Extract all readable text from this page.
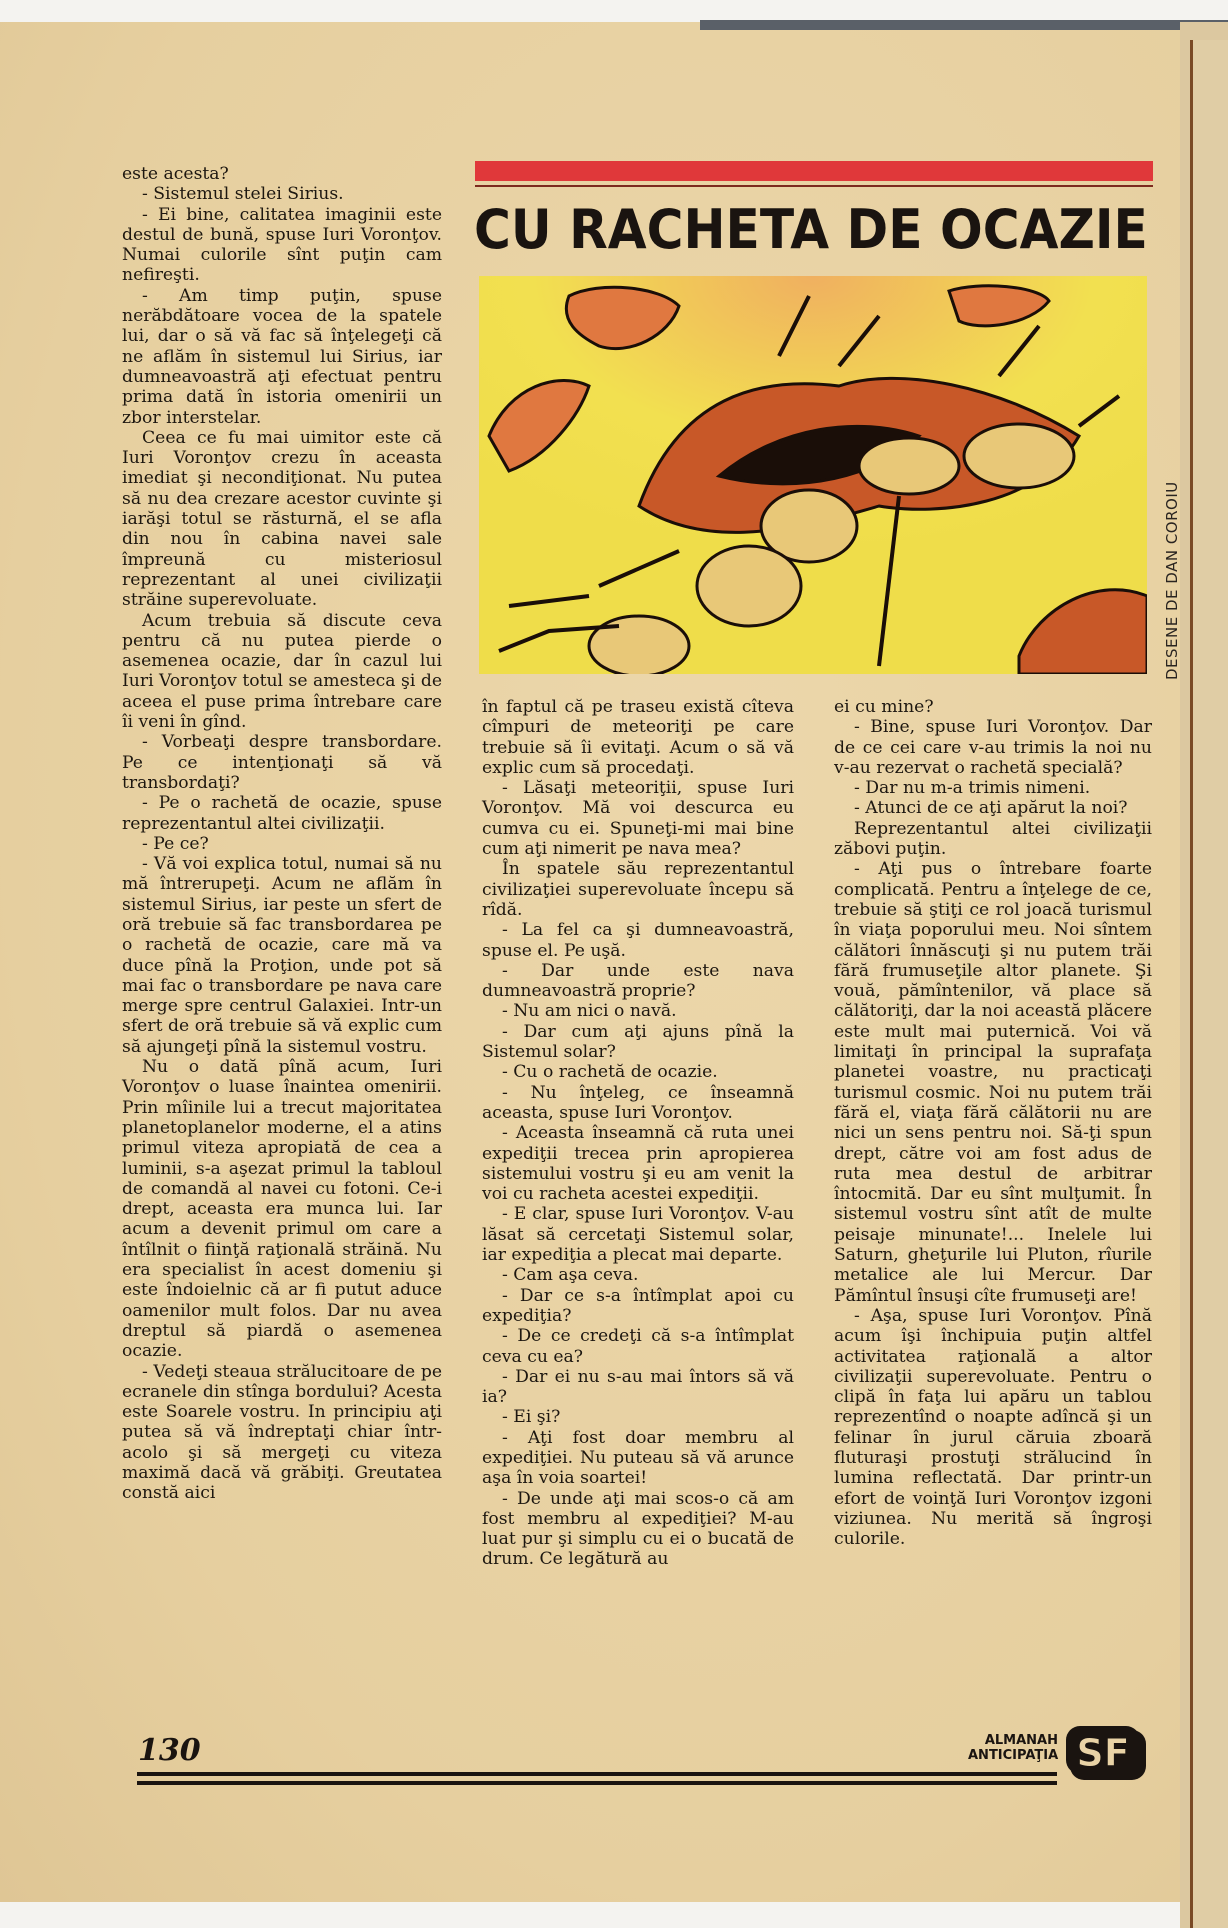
CU RACHETA DE OCAZIE
DESENE DE DAN COROIU

este acesta?

- Sistemul stelei Sirius.

- Ei bine, calitatea imaginii este destul de bună, spuse Iuri Voronţov. Numai culorile sînt puţin cam nefireşti.

- Am timp puţin, spuse nerăbdătoare vocea de la spatele lui, dar o să vă fac să înţelegeţi că ne aflăm în sistemul lui Sirius, iar dumneavoastră aţi efectuat pentru prima dată în istoria omenirii un zbor interstelar.

Ceea ce fu mai uimitor este că Iuri Voronţov crezu în aceasta imediat şi necondiţionat. Nu putea să nu dea crezare acestor cuvinte şi iarăşi totul se răsturnă, el se afla din nou în cabina navei sale împreună cu misteriosul reprezentant al unei civilizaţii străine superevoluate.

Acum trebuia să discute ceva pentru că nu putea pierde o asemenea ocazie, dar în cazul lui Iuri Voronţov totul se amesteca şi de aceea el puse prima întrebare care îi veni în gînd.

- Vorbeaţi despre transbordare. Pe ce intenţionaţi să vă transbordaţi?

- Pe o rachetă de ocazie, spuse reprezentantul altei civilizaţii.

- Pe ce?

- Vă voi explica totul, numai să nu mă întrerupeţi. Acum ne aflăm în sistemul Sirius, iar peste un sfert de oră trebuie să fac transbordarea pe o rachetă de ocazie, care mă va duce pînă la Proţion, unde pot să mai fac o transbordare pe nava care merge spre centrul Galaxiei. Intr-un sfert de oră trebuie să vă explic cum să ajungeţi pînă la sistemul vostru.

Nu o dată pînă acum, Iuri Voronţov o luase înaintea omenirii. Prin mîinile lui a trecut majoritatea planetoplanelor moderne, el a atins primul viteza apropiată de cea a luminii, s-a aşezat primul la tabloul de comandă al navei cu fotoni. Ce-i drept, aceasta era munca lui. Iar acum a devenit primul om care a întîlnit o fiinţă raţională străină. Nu era specialist în acest domeniu şi este îndoielnic că ar fi putut aduce oamenilor mult folos. Dar nu avea dreptul să piardă o asemenea ocazie.

- Vedeţi steaua strălucitoare de pe ecranele din stînga bordului? Acesta este Soarele vostru. In principiu aţi putea să vă îndreptaţi chiar într-acolo şi să mergeţi cu viteza maximă dacă vă grăbiţi. Greutatea constă aici

în faptul că pe traseu există cîteva cîmpuri de meteoriţi pe care trebuie să îi evitaţi. Acum o să vă explic cum să procedaţi.

- Lăsaţi meteoriţii, spuse Iuri Voronţov. Mă voi descurca eu cumva cu ei. Spuneţi-mi mai bine cum aţi nimerit pe nava mea?

În spatele său reprezentantul civilizaţiei superevoluate începu să rîdă.

- La fel ca şi dumneavoastră, spuse el. Pe uşă.

- Dar unde este nava dumneavoastră proprie?

- Nu am nici o navă.

- Dar cum aţi ajuns pînă la Sistemul solar?

- Cu o rachetă de ocazie.

- Nu înţeleg, ce înseamnă aceasta, spuse Iuri Voronţov.

- Aceasta înseamnă că ruta unei expediţii trecea prin apropierea sistemului vostru şi eu am venit la voi cu racheta acestei expediţii.

- E clar, spuse Iuri Voronţov. V-au lăsat să cercetaţi Sistemul solar, iar expediţia a plecat mai departe.

- Cam aşa ceva.

- Dar ce s-a întîmplat apoi cu expediţia?

- De ce credeţi că s-a întîmplat ceva cu ea?

- Dar ei nu s-au mai întors să vă ia?

- Ei şi?

- Aţi fost doar membru al expediţiei. Nu puteau să vă arunce aşa în voia soartei!

- De unde aţi mai scos-o că am fost membru al expediţiei? M-au luat pur şi simplu cu ei o bucată de drum. Ce legătură au

ei cu mine?

- Bine, spuse Iuri Voronţov. Dar de ce cei care v-au trimis la noi nu v-au rezervat o rachetă specială?

- Dar nu m-a trimis nimeni.

- Atunci de ce aţi apărut la noi?

Reprezentantul altei civilizaţii zăbovi puţin.

- Aţi pus o întrebare foarte complicată. Pentru a înţelege de ce, trebuie să ştiţi ce rol joacă turismul în viaţa poporului meu. Noi sîntem călători înnăscuţi şi nu putem trăi fără frumuseţile altor planete. Şi vouă, pămîntenilor, vă place să călătoriţi, dar la noi această plăcere este mult mai puternică. Voi vă limitaţi în principal la suprafaţa planetei voastre, nu practicaţi turismul cosmic. Noi nu putem trăi fără el, viaţa fără călătorii nu are nici un sens pentru noi. Să-ţi spun drept, către voi am fost adus de ruta mea destul de arbitrar întocmită. Dar eu sînt mulţumit. În sistemul vostru sînt atît de multe peisaje minunate!... Inelele lui Saturn, gheţurile lui Pluton, rîurile metalice ale lui Mercur. Dar Pămîntul însuşi cîte frumuseţi are!

- Aşa, spuse Iuri Voronţov. Pînă acum îşi închipuia puţin altfel activitatea raţională a altor civilizaţii superevoluate. Pentru o clipă în faţa lui apăru un tablou reprezentînd o noapte adîncă şi un felinar în jurul căruia zboară fluturaşi prostuţi strălucind în lumina reflectată. Dar printr-un efort de voinţă Iuri Voronţov izgoni viziunea. Nu merită să îngroşi culorile.

130	ALMANAH
ANTICIPAŢIA SF
